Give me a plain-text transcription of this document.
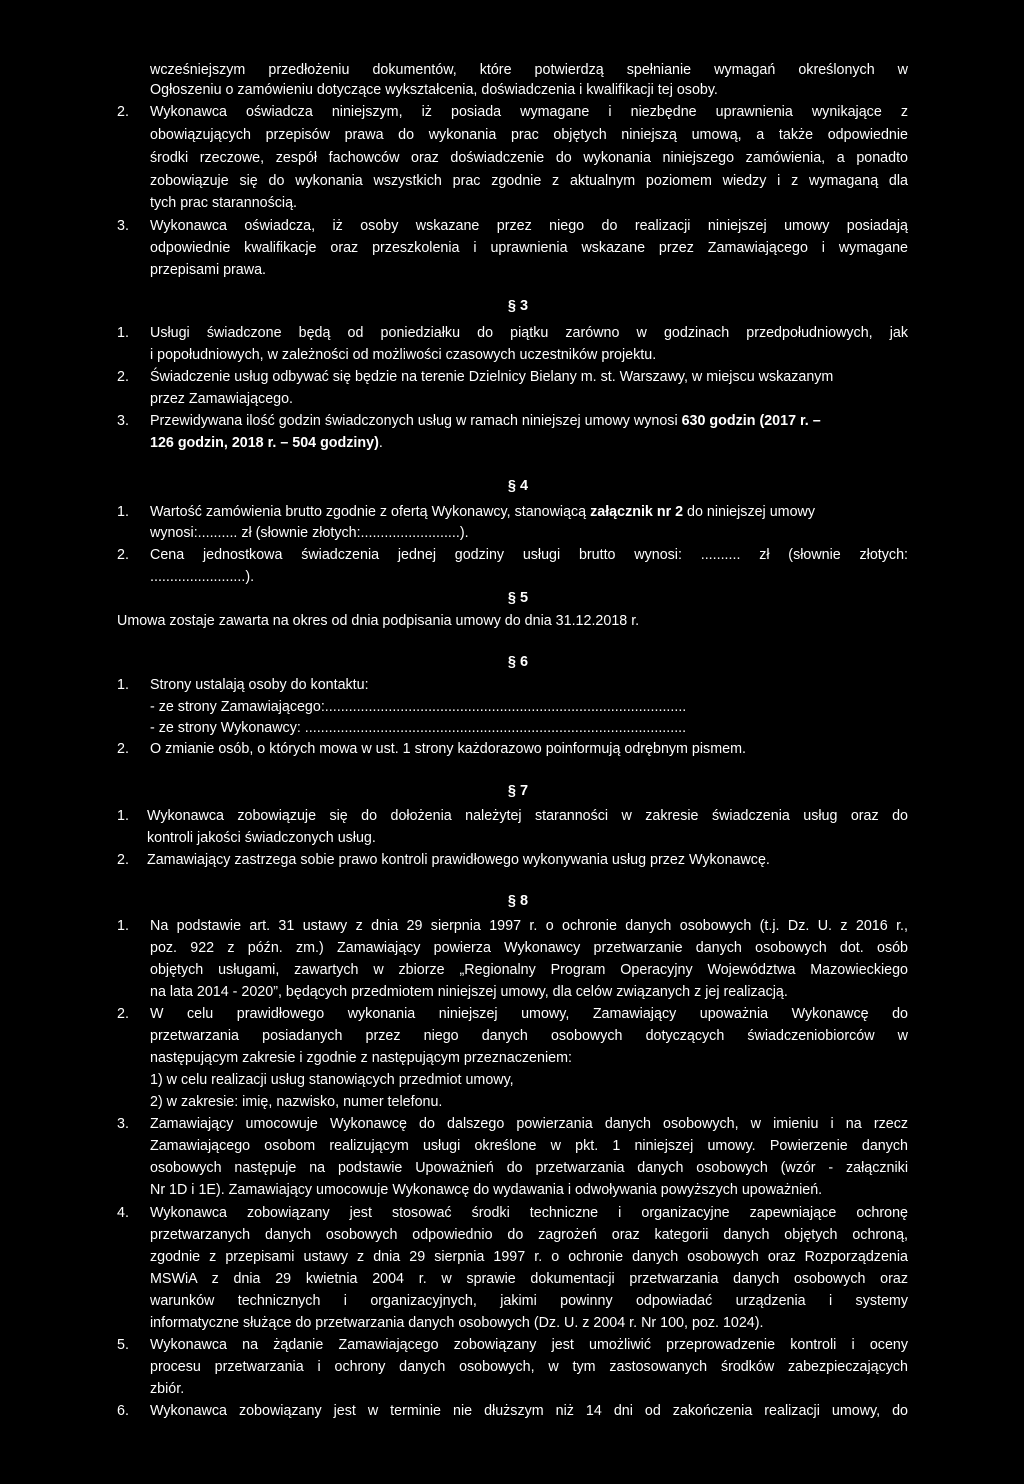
wcześniejszym przedłożeniu dokumentów, które potwierdzą spełnianie wymagań określonych w
Ogłoszeniu o zamówieniu dotyczące wykształcenia, doświadczenia i kwalifikacji tej osoby.
2. Wykonawca oświadcza niniejszym, iż posiada wymagane i niezbędne uprawnienia wynikające z
obowiązujących przepisów prawa do wykonania prac objętych niniejszą umową, a także odpowiednie
środki rzeczowe, zespół fachowców oraz doświadczenie do wykonania niniejszego zamówienia, a ponadto
zobowiązuje się do wykonania wszystkich prac zgodnie z aktualnym poziomem wiedzy i z wymaganą dla
tych prac starannością.
3. Wykonawca oświadcza, iż osoby wskazane przez niego do realizacji niniejszej umowy posiadają
odpowiednie kwalifikacje oraz przeszkolenia i uprawnienia wskazane przez Zamawiającego i wymagane
przepisami prawa.
§ 3
1. Usługi świadczone będą od poniedziałku do piątku zarówno w godzinach przedpołudniowych, jak
i popołudniowych, w zależności od możliwości czasowych uczestników projektu.
2. Świadczenie usług odbywać się będzie na terenie Dzielnicy Bielany m. st. Warszawy, w miejscu wskazanym
przez Zamawiającego.
3. Przewidywana ilość godzin świadczonych usług w ramach niniejszej umowy wynosi 630 godzin (2017 r. –
126 godzin, 2018 r. – 504 godziny).
§ 4
1. Wartość zamówienia brutto zgodnie z ofertą Wykonawcy, stanowiącą załącznik nr 2 do niniejszej umowy
wynosi:.......... zł (słownie złotych:.........................).
2. Cena jednostkowa świadczenia jednej godziny usługi brutto wynosi: .......... zł (słownie złotych:
........................).
§ 5
Umowa zostaje zawarta na okres od dnia podpisania umowy do dnia 31.12.2018 r.
§ 6
1. Strony ustalają osoby do kontaktu:
- ze strony Zamawiającego:...........................................................................................
- ze strony Wykonawcy: ................................................................................................
2. O zmianie osób, o których mowa w ust. 1 strony każdorazowo poinformują odrębnym pismem.
§ 7
1. Wykonawca zobowiązuje się do dołożenia należytej staranności w zakresie świadczenia usług oraz do
kontroli jakości świadczonych usług.
2. Zamawiający zastrzega sobie prawo kontroli prawidłowego wykonywania usług przez Wykonawcę.
§ 8
1. Na podstawie art. 31 ustawy z dnia 29 sierpnia 1997 r. o ochronie danych osobowych (t.j. Dz. U. z 2016 r.,
poz. 922 z późn. zm.) Zamawiający powierza Wykonawcy przetwarzanie danych osobowych dot. osób
objętych usługami, zawartych w zbiorze „Regionalny Program Operacyjny Województwa Mazowieckiego
na lata 2014 - 2020”, będących przedmiotem niniejszej umowy, dla celów związanych z jej realizacją.
2. W celu prawidłowego wykonania niniejszej umowy, Zamawiający upoważnia Wykonawcę do
przetwarzania posiadanych przez niego danych osobowych dotyczących świadczeniobiorców w
następującym zakresie i zgodnie z następującym przeznaczeniem:
1) w celu realizacji usług stanowiących przedmiot umowy,
2) w zakresie: imię, nazwisko, numer telefonu.
3. Zamawiający umocowuje Wykonawcę do dalszego powierzania danych osobowych, w imieniu i na rzecz
Zamawiającego osobom realizującym usługi określone w pkt. 1 niniejszej umowy. Powierzenie danych
osobowych następuje na podstawie Upoważnień do przetwarzania danych osobowych (wzór - załączniki
Nr 1D i 1E). Zamawiający umocowuje Wykonawcę do wydawania i odwoływania powyższych upoważnień.
4. Wykonawca zobowiązany jest stosować środki techniczne i organizacyjne zapewniające ochronę
przetwarzanych danych osobowych odpowiednio do zagrożeń oraz kategorii danych objętych ochroną,
zgodnie z przepisami ustawy z dnia 29 sierpnia 1997 r. o ochronie danych osobowych oraz Rozporządzenia
MSWiA z dnia 29 kwietnia 2004 r. w sprawie dokumentacji przetwarzania danych osobowych oraz
warunków technicznych i organizacyjnych, jakimi powinny odpowiadać urządzenia i systemy
informatyczne służące do przetwarzania danych osobowych (Dz. U. z 2004 r. Nr 100, poz. 1024).
5. Wykonawca na żądanie Zamawiającego zobowiązany jest umożliwić przeprowadzenie kontroli i oceny
procesu przetwarzania i ochrony danych osobowych, w tym zastosowanych środków zabezpieczających
zbiór.
6. Wykonawca zobowiązany jest w terminie nie dłuższym niż 14 dni od zakończenia realizacji umowy, do
